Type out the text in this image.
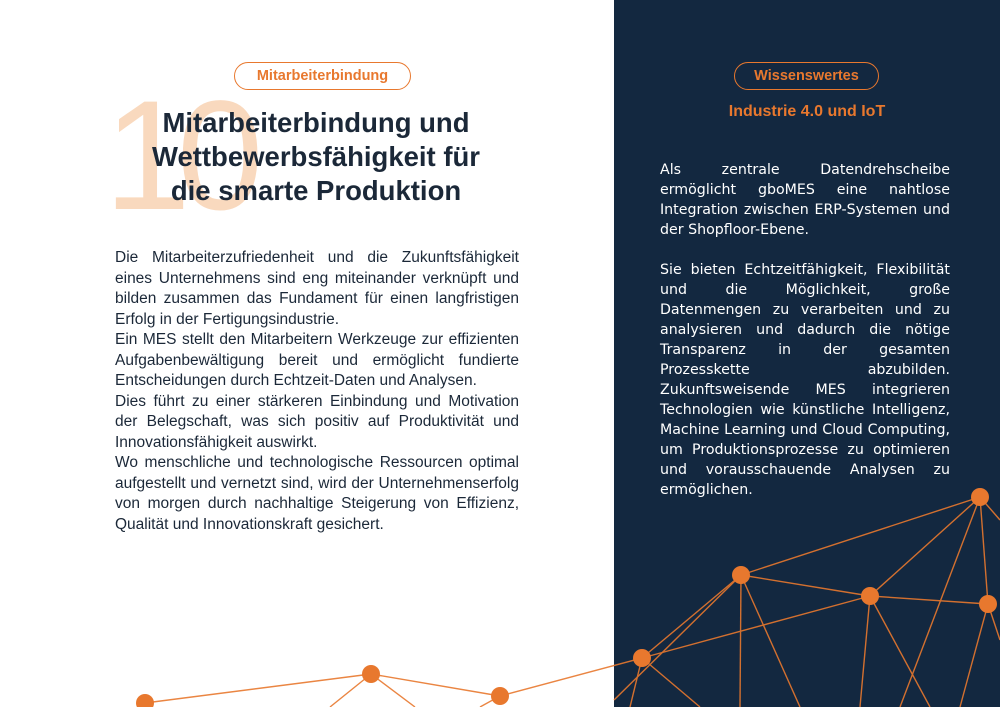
Mitarbeiterbindung
10
Mitarbeiterbindung und
Wettbewerbsfähigkeit für
die smarte Produktion

Die Mitarbeiterzufriedenheit und die Zukunftsfähigkeit eines Unternehmens sind eng miteinander verknüpft und bilden zusammen das Fundament für einen langfristigen Erfolg in der Fertigungsindustrie.

Ein MES stellt den Mitarbeitern Werkzeuge zur effizienten Aufgabenbewältigung bereit und ermöglicht fundierte Entscheidungen durch Echtzeit-Daten und Analysen.

Dies führt zu einer stärkeren Einbindung und Motivation der Belegschaft, was sich positiv auf Produktivität und Innovationsfähigkeit auswirkt.

Wo menschliche und technologische Ressourcen optimal aufgestellt und vernetzt sind, wird der Unternehmenserfolg von morgen durch nachhaltige Steigerung von Effizienz, Qualität und Innovationskraft gesichert.

Wissenswertes
Industrie 4.0 und IoT

Als zentrale Datendrehscheibe ermöglicht gboMES eine nahtlose Integration zwischen ERP-Systemen und der Shopfloor-Ebene.

Sie bieten Echtzeitfähigkeit, Flexibilität und die Möglichkeit, große Datenmengen zu verarbeiten und zu analysieren und dadurch die nötige Transparenz in der gesamten Prozesskette abzubilden. Zukunftsweisende MES integrieren Technologien wie künstliche Intelligenz, Machine Learning und Cloud Computing, um Produktionsprozesse zu optimieren und vorausschauende Analysen zu ermöglichen.
